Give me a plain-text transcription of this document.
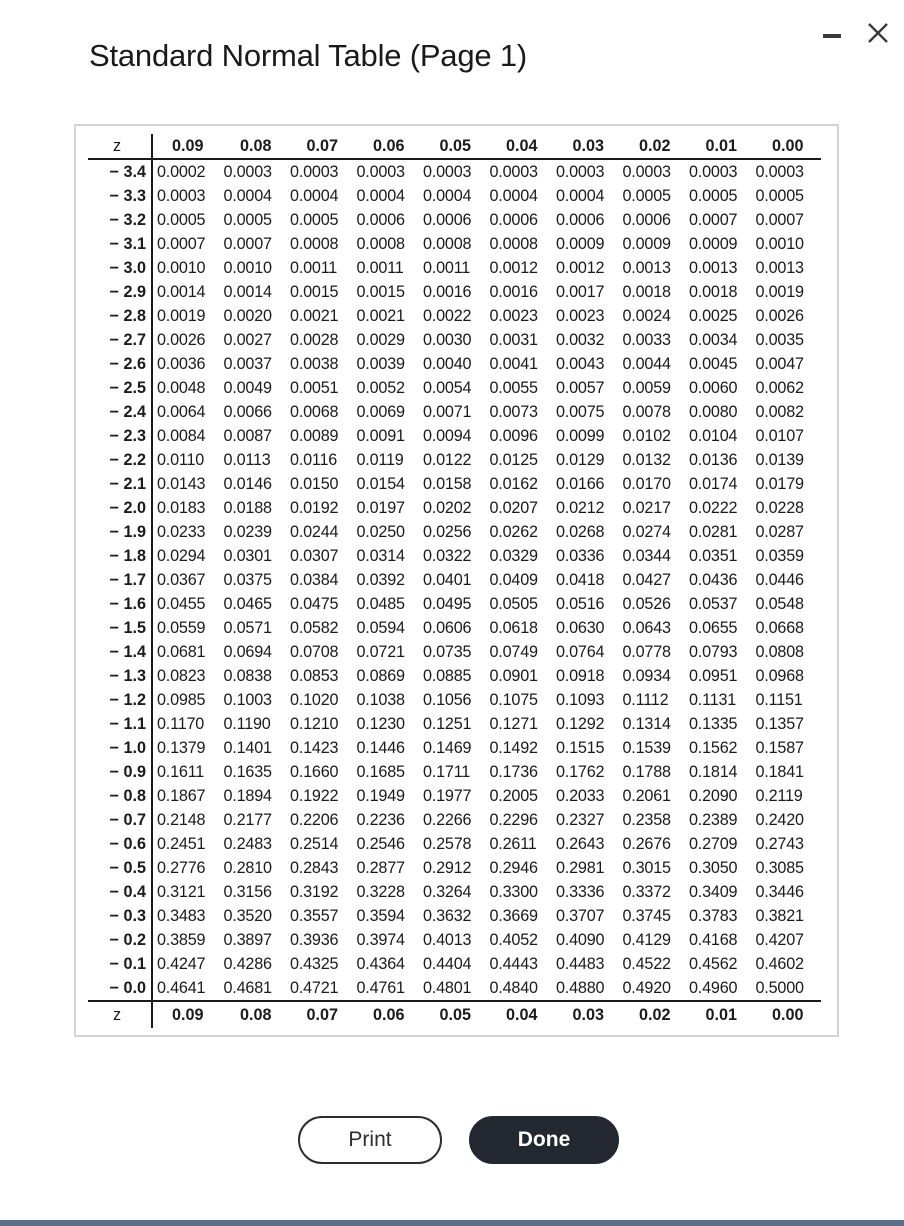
Standard Normal Table (Page 1)
z	0.09	0.08	0.07	0.06	0.05	0.04	0.03	0.02	0.01	0.00
− 3.4	0.0002	0.0003	0.0003	0.0003	0.0003	0.0003	0.0003	0.0003	0.0003	0.0003
− 3.3	0.0003	0.0004	0.0004	0.0004	0.0004	0.0004	0.0004	0.0005	0.0005	0.0005
− 3.2	0.0005	0.0005	0.0005	0.0006	0.0006	0.0006	0.0006	0.0006	0.0007	0.0007
− 3.1	0.0007	0.0007	0.0008	0.0008	0.0008	0.0008	0.0009	0.0009	0.0009	0.0010
− 3.0	0.0010	0.0010	0.0011	0.0011	0.0011	0.0012	0.0012	0.0013	0.0013	0.0013
− 2.9	0.0014	0.0014	0.0015	0.0015	0.0016	0.0016	0.0017	0.0018	0.0018	0.0019
− 2.8	0.0019	0.0020	0.0021	0.0021	0.0022	0.0023	0.0023	0.0024	0.0025	0.0026
− 2.7	0.0026	0.0027	0.0028	0.0029	0.0030	0.0031	0.0032	0.0033	0.0034	0.0035
− 2.6	0.0036	0.0037	0.0038	0.0039	0.0040	0.0041	0.0043	0.0044	0.0045	0.0047
− 2.5	0.0048	0.0049	0.0051	0.0052	0.0054	0.0055	0.0057	0.0059	0.0060	0.0062
− 2.4	0.0064	0.0066	0.0068	0.0069	0.0071	0.0073	0.0075	0.0078	0.0080	0.0082
− 2.3	0.0084	0.0087	0.0089	0.0091	0.0094	0.0096	0.0099	0.0102	0.0104	0.0107
− 2.2	0.0110	0.0113	0.0116	0.0119	0.0122	0.0125	0.0129	0.0132	0.0136	0.0139
− 2.1	0.0143	0.0146	0.0150	0.0154	0.0158	0.0162	0.0166	0.0170	0.0174	0.0179
− 2.0	0.0183	0.0188	0.0192	0.0197	0.0202	0.0207	0.0212	0.0217	0.0222	0.0228
− 1.9	0.0233	0.0239	0.0244	0.0250	0.0256	0.0262	0.0268	0.0274	0.0281	0.0287
− 1.8	0.0294	0.0301	0.0307	0.0314	0.0322	0.0329	0.0336	0.0344	0.0351	0.0359
− 1.7	0.0367	0.0375	0.0384	0.0392	0.0401	0.0409	0.0418	0.0427	0.0436	0.0446
− 1.6	0.0455	0.0465	0.0475	0.0485	0.0495	0.0505	0.0516	0.0526	0.0537	0.0548
− 1.5	0.0559	0.0571	0.0582	0.0594	0.0606	0.0618	0.0630	0.0643	0.0655	0.0668
− 1.4	0.0681	0.0694	0.0708	0.0721	0.0735	0.0749	0.0764	0.0778	0.0793	0.0808
− 1.3	0.0823	0.0838	0.0853	0.0869	0.0885	0.0901	0.0918	0.0934	0.0951	0.0968
− 1.2	0.0985	0.1003	0.1020	0.1038	0.1056	0.1075	0.1093	0.1112	0.1131	0.1151
− 1.1	0.1170	0.1190	0.1210	0.1230	0.1251	0.1271	0.1292	0.1314	0.1335	0.1357
− 1.0	0.1379	0.1401	0.1423	0.1446	0.1469	0.1492	0.1515	0.1539	0.1562	0.1587
− 0.9	0.1611	0.1635	0.1660	0.1685	0.1711	0.1736	0.1762	0.1788	0.1814	0.1841
− 0.8	0.1867	0.1894	0.1922	0.1949	0.1977	0.2005	0.2033	0.2061	0.2090	0.2119
− 0.7	0.2148	0.2177	0.2206	0.2236	0.2266	0.2296	0.2327	0.2358	0.2389	0.2420
− 0.6	0.2451	0.2483	0.2514	0.2546	0.2578	0.2611	0.2643	0.2676	0.2709	0.2743
− 0.5	0.2776	0.2810	0.2843	0.2877	0.2912	0.2946	0.2981	0.3015	0.3050	0.3085
− 0.4	0.3121	0.3156	0.3192	0.3228	0.3264	0.3300	0.3336	0.3372	0.3409	0.3446
− 0.3	0.3483	0.3520	0.3557	0.3594	0.3632	0.3669	0.3707	0.3745	0.3783	0.3821
− 0.2	0.3859	0.3897	0.3936	0.3974	0.4013	0.4052	0.4090	0.4129	0.4168	0.4207
− 0.1	0.4247	0.4286	0.4325	0.4364	0.4404	0.4443	0.4483	0.4522	0.4562	0.4602
− 0.0	0.4641	0.4681	0.4721	0.4761	0.4801	0.4840	0.4880	0.4920	0.4960	0.5000
z	0.09	0.08	0.07	0.06	0.05	0.04	0.03	0.02	0.01	0.00
Print	Done
